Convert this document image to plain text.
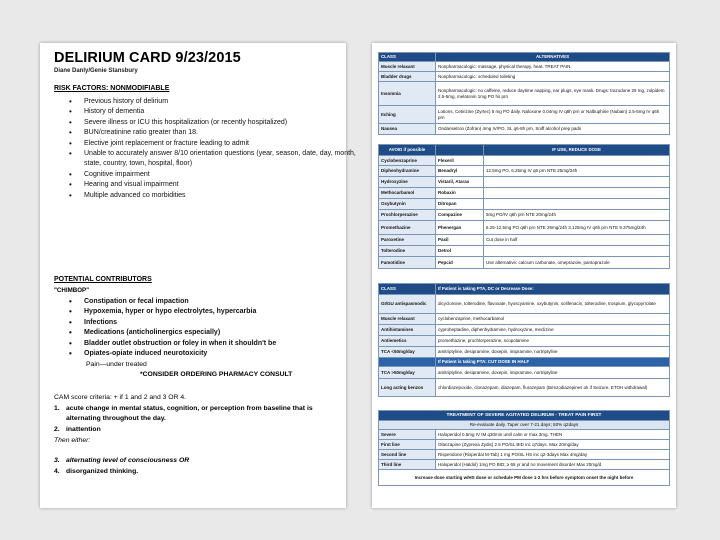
DELIRIUM CARD 9/23/2015
Diane Danly/Genie Stansbury
RISK FACTORS: NONMODIFIABLE
• Previous history of delirium
• History of dementia
• Severe illness or ICU this hospitalization (or recently hospitalized)
• BUN/creatinine ratio greater than 18.
• Elective joint replacement or fracture leading to admit
• Unable to accurately answer 8/10 orientation questions (year, season, date, day, month, state, country, town, hospital, floor)
• Cognitive impairment
• Hearing and visual impairment
• Multiple advanced co morbidities
POTENTIAL CONTRIBUTORS
"CHIMBOP"
• Constipation or fecal impaction
• Hypoxemia, hyper or hypo electrolytes, hypercarbia
• Infections
• Medications (anticholinergics especially)
• Bladder outlet obstruction or foley in when it shouldn't be
• Opiates-opiate induced neurotoxicity
Pain—under treated
*CONSIDER ORDERING PHARMACY CONSULT
CAM score criteria: + if 1 and 2 and 3 OR 4.
1. acute change in mental status, cognition, or perception from baseline that is alternating throughout the day.
2. inattention
Then either:
3. alternating level of consciousness OR
4. disorganized thinking.
CLASS	ALTERNATIVES
Muscle relaxant	Nonpharmacologic: massage, physical therapy, heat. TREAT PAIN.
Bladder drugs	Nonpharmacologic: scheduled toileting
Insomnia	Nonpharmacologic: no caffeine, reduce daytime napping, ear plugs, eye mask. Drugs: trazodone 25 mg, zolpidem 2.5-5mg, melatonin 1mg PO hs prn
Itching	Lotions, Cetirizine (Zyrtec) 5 mg PO daily. Naloxone 0.04mg IV q8h prn or Nalbuphine (Nubain) 2.5-5mg IV q6h prn
Nausea	Ondansetron (Zofran) 4mg IV/PO, SL q6-8h prn, Sniff alcohol prep pads
AVOID if possible		IF USE, REDUCE DOSE
Cyclobenzaprine	Flexeril	
Diphenhydramine	Benadryl	12.5mg PO, 6.25mg IV q6 prn NTE 25mg/24h
Hydroxyzine	Vistaril, Atarax	
Methocarbamol	Robaxin	
Oxybutynin	Ditropan	
Prochlorperazine	Compazine	5mg PO/IV q6h prn NTE 20mg/24h
Promethazine	Phenergan	6.25-12.5mg PO q6h prn NTE 25mg/24h 3.125mg IV q6h prn NTE 9.375mg/24h
Paroxetine	Paxil	Cut dose in half
Tolterodine	Detrol	
Famotidine	Pepcid	Use alternative: calcium carbonate, omeprazole, pantoprazole
CLASS	If Patient is taking PTA, DC or Decrease Dose:
GI/GU antispasmodic	dicyclomine, tolterodine, flavoxate, hyoscyamine, oxybutynin, solifenacin, tolterodine, trospium, glycopyrrolate
Muscle relaxant	cyclobenzaprine, methocarbamol
Antihistamines	cyproheptadine, diphenhydramine, hydroxyzine, meclizine
Antiemetics	promethazine, prochlorperazine, scopolamine
TCA <50mg/day	amitriptyline, desipramine, doxepin, imipramine, nortriptyline
	If Patient is taking PTA: CUT DOSE IN HALF
TCA >50mg/day	amitriptyline, desipramine, doxepin, imipramine, nortriptyline
Long acting benzos	chlordiazepoxide, clonazepam, diazepam, flurazepam (Benzodiazepines ok if Seizure, ETOH withdrawal)
TREATMENT OF SEVERE AGITATED DELIRIUM - TREAT PAIN FIRST	
Re-evaluate daily. Taper over 7-21 days; 50% q2days	
Severe	Haloperidol 0.5mg IV IM q30min until calm or max 3mg. THEN
First line	Olanzapine (Zyprexa Zydis) 2.5 PO/SL BID inc q7days. Max 20mg/day
Second line	Risperidone (Risperdal M-Tab) 1 mg PO/SL HS inc q2-3days Max 4mg/day
Third line	Haloperidol (Haldol) 1mg PO BID; ≥ 65 yr and no movement disorder Max 20mg/d
Increase dose starting w/HS dose or schedule PM dose 1-2 hrs before symptom onset the night before	
